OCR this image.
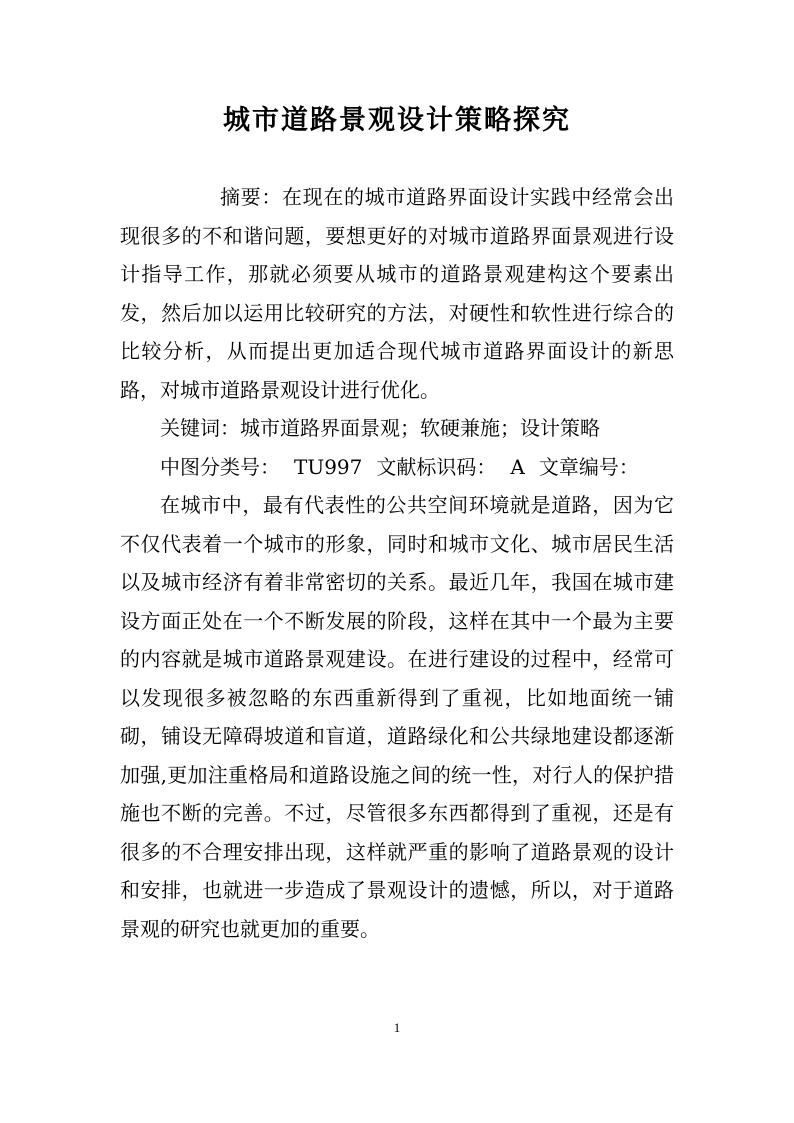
城市道路景观设计策略探究

摘要：在现在的城市道路界面设计实践中经常会出现很多的不和谐问题，要想更好的对城市道路界面景观进行设计指导工作，那就必须要从城市的道路景观建构这个要素出发，然后加以运用比较研究的方法，对硬性和软性进行综合的比较分析，从而提出更加适合现代城市道路界面设计的新思路，对城市道路景观设计进行优化。

关键词：城市道路界面景观；软硬兼施；设计策略

中图分类号： TU997 文献标识码： A 文章编号：

在城市中，最有代表性的公共空间环境就是道路，因为它不仅代表着一个城市的形象，同时和城市文化、城市居民生活以及城市经济有着非常密切的关系。最近几年，我国在城市建设方面正处在一个不断发展的阶段，这样在其中一个最为主要的内容就是城市道路景观建设。在进行建设的过程中，经常可以发现很多被忽略的东西重新得到了重视，比如地面统一铺砌，铺设无障碍坡道和盲道，道路绿化和公共绿地建设都逐渐加强,更加注重格局和道路设施之间的统一性，对行人的保护措施也不断的完善。不过，尽管很多东西都得到了重视，还是有很多的不合理安排出现，这样就严重的影响了道路景观的设计和安排，也就进一步造成了景观设计的遗憾，所以，对于道路景观的研究也就更加的重要。

1
